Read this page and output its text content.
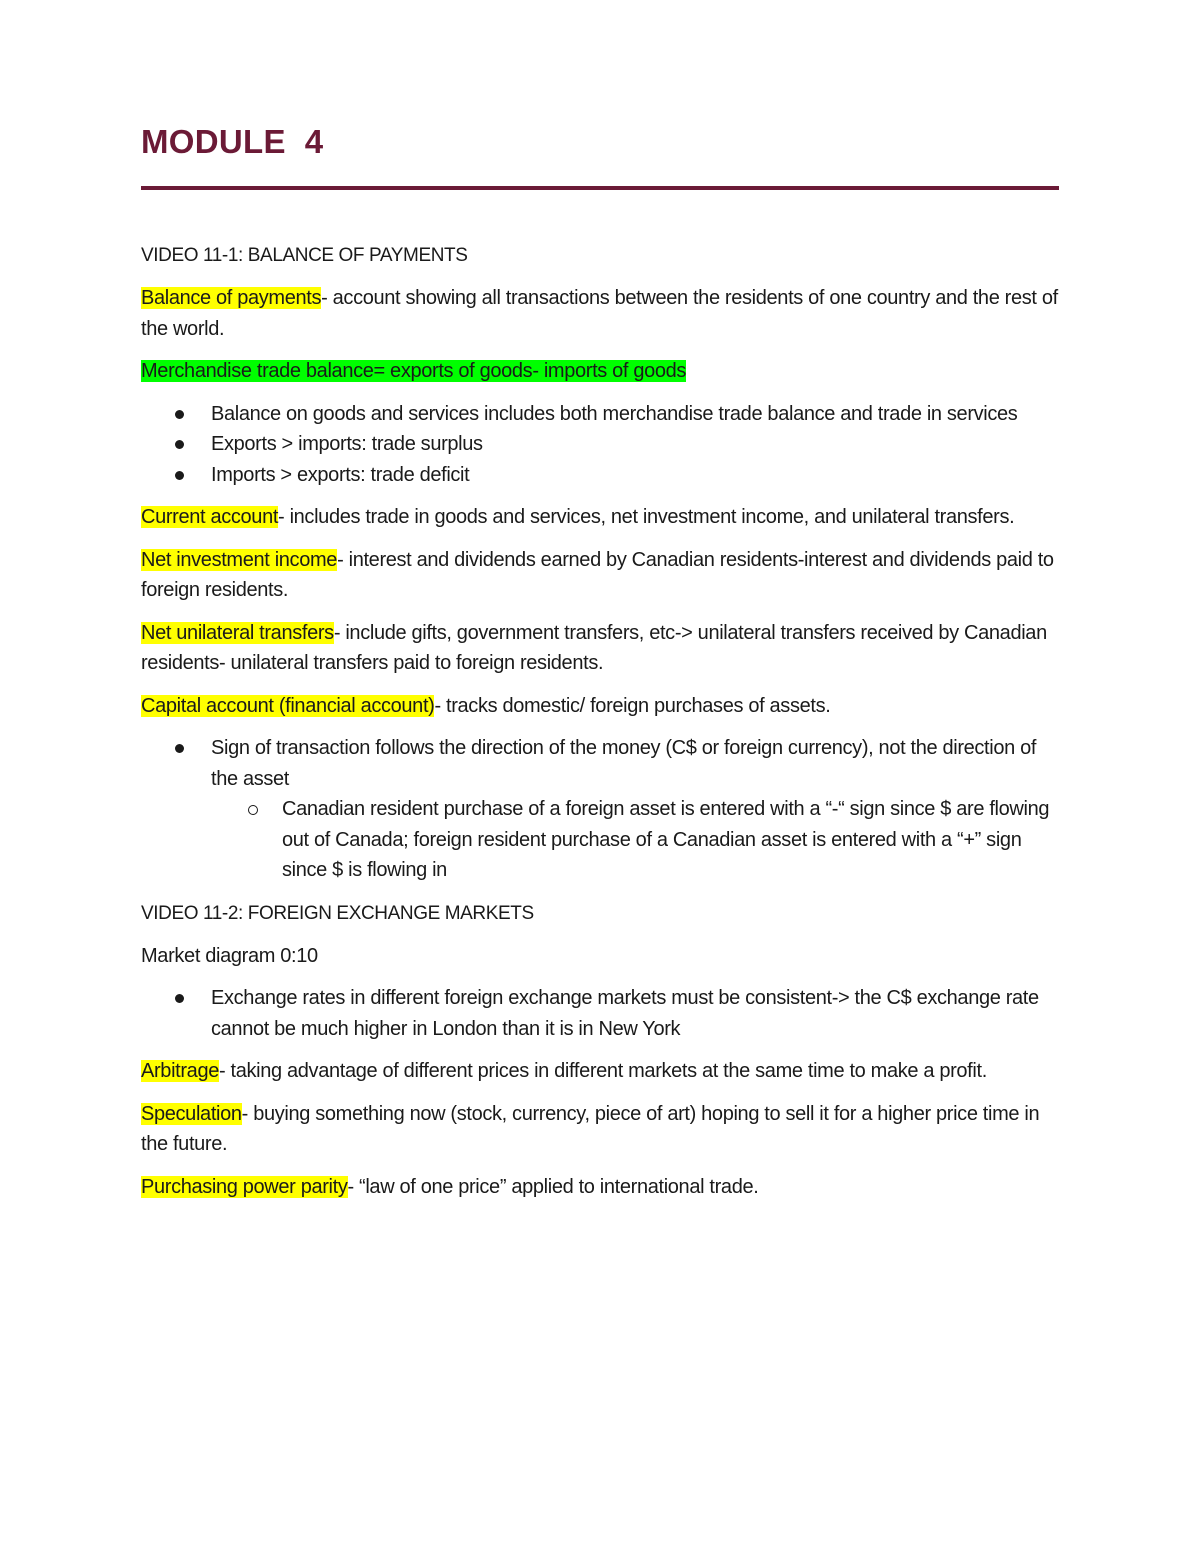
MODULE  4
VIDEO 11-1: BALANCE OF PAYMENTS

Balance of payments- account showing all transactions between the residents of one country and the rest of the world.

Merchandise trade balance= exports of goods- imports of goods

Balance on goods and services includes both merchandise trade balance and trade in services
Exports > imports: trade surplus
Imports > exports: trade deficit

Current account- includes trade in goods and services, net investment income, and unilateral transfers.

Net investment income- interest and dividends earned by Canadian residents-interest and dividends paid to foreign residents.

Net unilateral transfers- include gifts, government transfers, etc-> unilateral transfers received by Canadian residents- unilateral transfers paid to foreign residents.

Capital account (financial account)- tracks domestic/ foreign purchases of assets.

Sign of transaction follows the direction of the money (C$ or foreign currency), not the direction of the asset
Canadian resident purchase of a foreign asset is entered with a “-“ sign since $ are flowing out of Canada; foreign resident purchase of a Canadian asset is entered with a “+” sign since $ is flowing in
VIDEO 11-2: FOREIGN EXCHANGE MARKETS

Market diagram 0:10

Exchange rates in different foreign exchange markets must be consistent-> the C$ exchange rate cannot be much higher in London than it is in New York

Arbitrage- taking advantage of different prices in different markets at the same time to make a profit.

Speculation- buying something now (stock, currency, piece of art) hoping to sell it for a higher price time in the future.

Purchasing power parity- “law of one price” applied to international trade.
